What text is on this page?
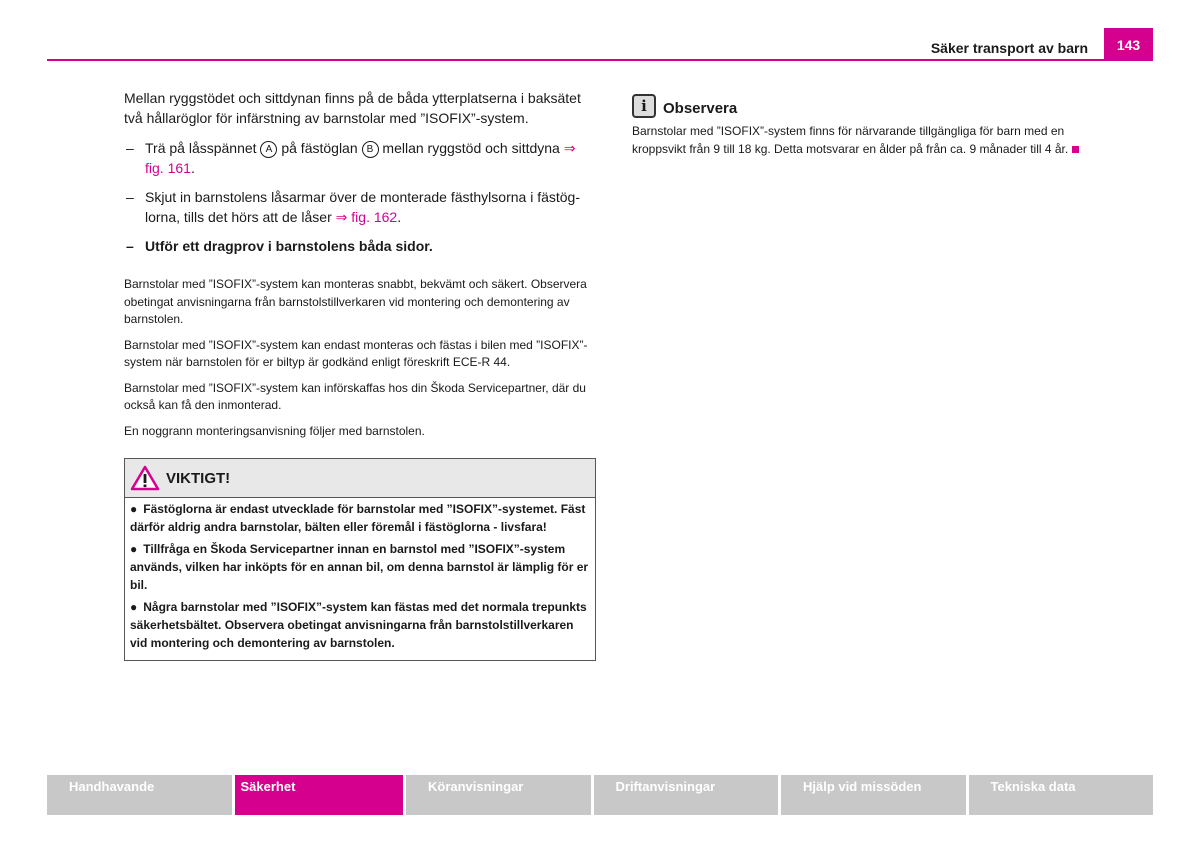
Säker transport av barn	143

Mellan ryggstödet och sittdynan finns på de båda ytterplatserna i baksätet två hållaröglor för infärstning av barnstolar med ”ISOFIX”-system.

– Trä på låsspännet A på fästöglan B mellan ryggstöd och sittdyna ⇒ fig. 161.
– Skjut in barnstolens låsarmar över de monterade fästhylsorna i fästöglorna, tills det hörs att de låser ⇒ fig. 162.
– Utför ett dragprov i barnstolens båda sidor.

Barnstolar med ”ISOFIX”-system kan monteras snabbt, bekvämt och säkert. Observera obetingat anvisningarna från barnstolstillverkaren vid montering och demontering av barnstolen.

Barnstolar med ”ISOFIX”-system kan endast monteras och fästas i bilen med ”ISOFIX”-system när barnstolen för er biltyp är godkänd enligt föreskrift ECE-R 44.

Barnstolar med ”ISOFIX”-system kan införskaffas hos din Škoda Servicepartner, där du också kan få den inmonterad.

En noggrann monteringsanvisning följer med barnstolen.

VIKTIGT!
● Fästöglorna är endast utvecklade för barnstolar med ”ISOFIX”-systemet. Fäst därför aldrig andra barnstolar, bälten eller föremål i fästöglorna - livsfara!
● Tillfråga en Škoda Servicepartner innan en barnstol med ”ISOFIX”-system används, vilken har inköpts för en annan bil, om denna barnstol är lämplig för er bil.
● Några barnstolar med ”ISOFIX”-system kan fästas med det normala trepunkts säkerhetsbältet. Observera obetingat anvisningarna från barnstolstillverkaren vid montering och demontering av barnstolen.
i	Observera

Barnstolar med ”ISOFIX”-system finns för närvarande tillgängliga för barn med en kroppsvikt från 9 till 18 kg. Detta motsvarar en ålder på från ca. 9 månader till 4 år.

Handhavande	Säkerhet	Köranvisningar	Driftanvisningar	Hjälp vid missöden	Tekniska data
